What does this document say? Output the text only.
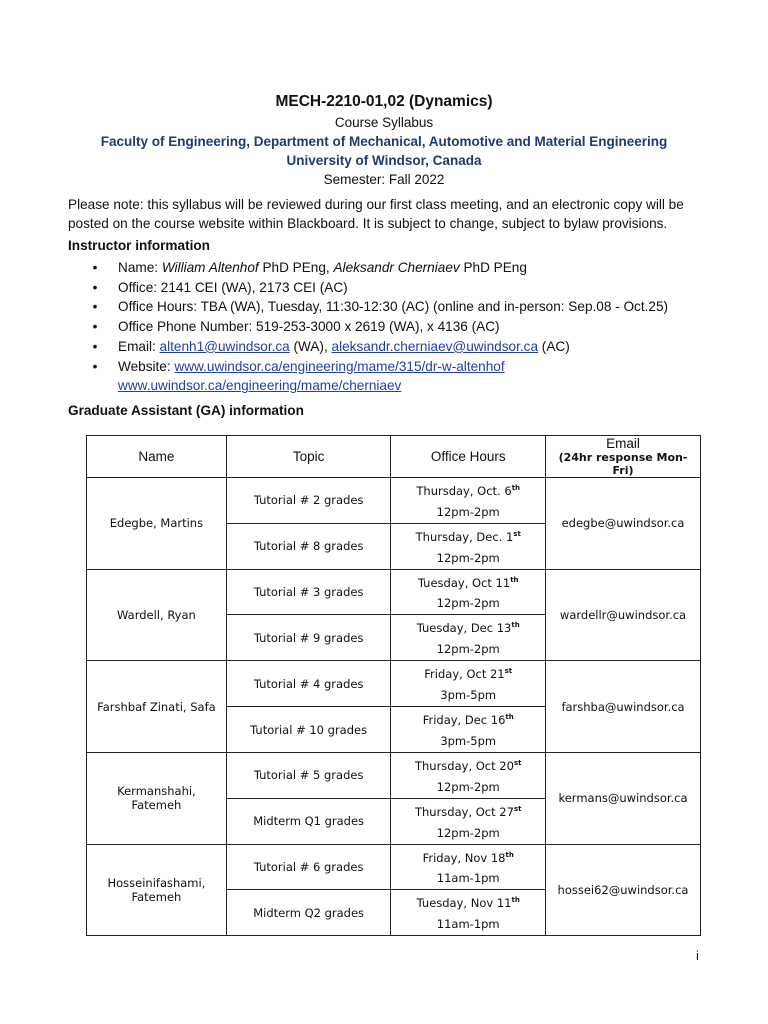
MECH-2210-01,02 (Dynamics)
Course Syllabus
Faculty of Engineering, Department of Mechanical, Automotive and Material Engineering
University of Windsor, Canada
Semester: Fall 2022
Please note: this syllabus will be reviewed during our first class meeting, and an electronic copy will be posted on the course website within Blackboard. It is subject to change, subject to bylaw provisions.
Instructor information
•	Name: William Altenhof PhD PEng, Aleksandr Cherniaev PhD PEng
•	Office: 2141 CEI (WA), 2173 CEI (AC)
•	Office Hours: TBA (WA), Tuesday, 11:30-12:30 (AC) (online and in-person: Sep.08 - Oct.25)
•	Office Phone Number: 519-253-3000 x 2619 (WA), x 4136 (AC)
•	Email: altenh1@uwindsor.ca (WA), aleksandr.cherniaev@uwindsor.ca (AC)
•	Website: www.uwindsor.ca/engineering/mame/315/dr-w-altenhof
www.uwindsor.ca/engineering/mame/cherniaev
Graduate Assistant (GA) information
Name	Topic	Office Hours	Email
(24hr response Mon-Fri)

Edegbe, Martins	Tutorial # 2 grades	Thursday, Oct. 6th
12pm-2pm	edegbe@uwindsor.ca
	Tutorial # 8 grades	Thursday, Dec. 1st
12pm-2pm	
Wardell, Ryan	Tutorial # 3 grades	Tuesday, Oct 11th
12pm-2pm	wardellr@uwindsor.ca
	Tutorial # 9 grades	Tuesday, Dec 13th
12pm-2pm	
Farshbaf Zinati, Safa	Tutorial # 4 grades	Friday, Oct 21st
3pm-5pm	farshba@uwindsor.ca
	Tutorial # 10 grades	Friday, Dec 16th
3pm-5pm	
Kermanshahi,
Fatemeh	Tutorial # 5 grades	Thursday, Oct 20st
12pm-2pm	kermans@uwindsor.ca
	Midterm Q1 grades	Thursday, Oct 27st
12pm-2pm	
Hosseinifashami,
Fatemeh	Tutorial # 6 grades	Friday, Nov 18th
11am-1pm	hossei62@uwindsor.ca
	Midterm Q2 grades	Tuesday, Nov 11th
11am-1pm	
i
